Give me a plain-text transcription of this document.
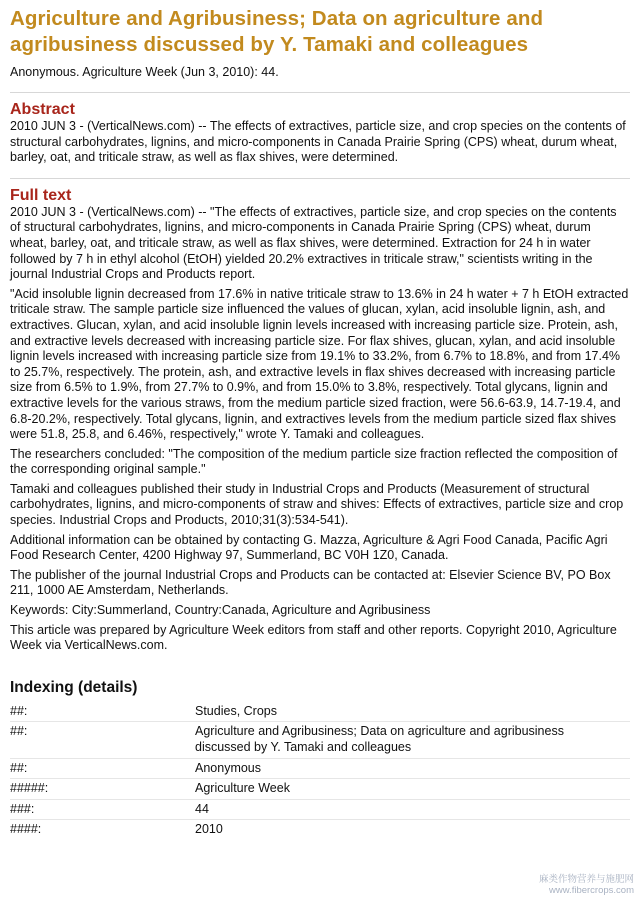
Agriculture and Agribusiness; Data on agriculture and agribusiness discussed by Y. Tamaki and colleagues

Anonymous. Agriculture Week (Jun 3, 2010): 44.

Abstract

2010 JUN 3 - (VerticalNews.com) -- The effects of extractives, particle size, and crop species on the contents of structural carbohydrates, lignins, and micro-components in Canada Prairie Spring (CPS) wheat, durum wheat, barley, oat, and triticale straw, as well as flax shives, were determined.

Full text

2010 JUN 3 - (VerticalNews.com) -- "The effects of extractives, particle size, and crop species on the contents of structural carbohydrates, lignins, and micro-components in Canada Prairie Spring (CPS) wheat, durum wheat, barley, oat, and triticale straw, as well as flax shives, were determined. Extraction for 24 h in water followed by 7 h in ethyl alcohol (EtOH) yielded 20.2% extractives in triticale straw," scientists writing in the journal Industrial Crops and Products report.

"Acid insoluble lignin decreased from 17.6% in native triticale straw to 13.6% in 24 h water + 7 h EtOH extracted triticale straw. The sample particle size influenced the values of glucan, xylan, acid insoluble lignin, ash, and extractives. Glucan, xylan, and acid insoluble lignin levels increased with increasing particle size. Protein, ash, and extractive levels decreased with increasing particle size. For flax shives, glucan, xylan, and acid insoluble lignin levels increased with increasing particle size from 19.1% to 33.2%, from 6.7% to 18.8%, and from 17.4% to 25.7%, respectively. The protein, ash, and extractive levels in flax shives decreased with increasing particle size from 6.5% to 1.9%, from 27.7% to 0.9%, and from 15.0% to 3.8%, respectively. Total glycans, lignin and extractive levels for the various straws, from the medium particle sized fraction, were 56.6-63.9, 14.7-19.4, and 6.8-20.2%, respectively. Total glycans, lignin, and extractives levels from the medium particle sized flax shives were 51.8, 25.8, and 6.46%, respectively," wrote Y. Tamaki and colleagues.

The researchers concluded: "The composition of the medium particle size fraction reflected the composition of the corresponding original sample."

Tamaki and colleagues published their study in Industrial Crops and Products (Measurement of structural carbohydrates, lignins, and micro-components of straw and shives: Effects of extractives, particle size and crop species. Industrial Crops and Products, 2010;31(3):534-541).

Additional information can be obtained by contacting G. Mazza, Agriculture & Agri Food Canada, Pacific Agri Food Research Center, 4200 Highway 97, Summerland, BC V0H 1Z0, Canada.

The publisher of the journal Industrial Crops and Products can be contacted at: Elsevier Science BV, PO Box 211, 1000 AE Amsterdam, Netherlands.

Keywords: City:Summerland, Country:Canada, Agriculture and Agribusiness

This article was prepared by Agriculture Week editors from staff and other reports. Copyright 2010, Agriculture Week via VerticalNews.com.

Indexing (details)
##:	Studies, Crops
##:	Agriculture and Agribusiness; Data on agriculture and agribusiness discussed by Y. Tamaki and colleagues
##:	Anonymous
#####:	Agriculture Week
###:	44
####:	2010
麻类作物营养与施肥网
www.fibercrops.com
